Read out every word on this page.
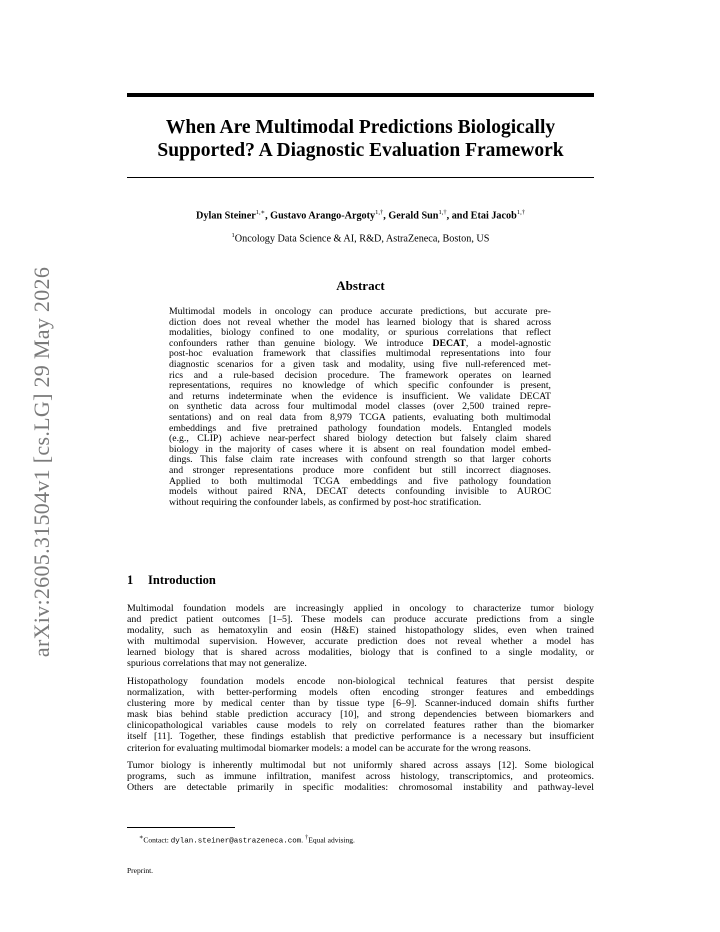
arXiv:2605.31504v1 [cs.LG] 29 May 2026
When Are Multimodal Predictions Biologically
Supported? A Diagnostic Evaluation Framework
Dylan Steiner$^{1,∗}$, Gustavo Arango-Argoty$^{1,\dagger}$, Gerald Sun$^{1,\dagger}$, and Etai Jacob$^{1,\dagger}$
$^1$Oncology Data Science & AI, R&D, AstraZeneca, Boston, US
Abstract
Multimodal models in oncology can produce accurate predictions, but accurate pre-
diction does not reveal whether the model has learned biology that is shared across
modalities, biology confined to one modality, or spurious correlations that reflect
confounders rather than genuine biology. We introduce DECAT, a model-agnostic
post-hoc evaluation framework that classifies multimodal representations into four
diagnostic scenarios for a given task and modality, using five null-referenced met-
rics and a rule-based decision procedure. The framework operates on learned
representations, requires no knowledge of which specific confounder is present,
and returns indeterminate when the evidence is insufficient. We validate DECAT
on synthetic data across four multimodal model classes (over 2,500 trained repre-
sentations) and on real data from 8,979 TCGA patients, evaluating both multimodal
embeddings and five pretrained pathology foundation models. Entangled models
(e.g., CLIP) achieve near-perfect shared biology detection but falsely claim shared
biology in the majority of cases where it is absent on real foundation model embed-
dings. This false claim rate increases with confound strength so that larger cohorts
and stronger representations produce more confident but still incorrect diagnoses.
Applied to both multimodal TCGA embeddings and five pathology foundation
models without paired RNA, DECAT detects confounding invisible to AUROC
without requiring the confounder labels, as confirmed by post-hoc stratification.
1 Introduction
Multimodal foundation models are increasingly applied in oncology to characterize tumor biology
and predict patient outcomes [1–5]. These models can produce accurate predictions from a single
modality, such as hematoxylin and eosin (H&E) stained histopathology slides, even when trained
with multimodal supervision. However, accurate prediction does not reveal whether a model has
learned biology that is shared across modalities, biology that is confined to a single modality, or
spurious correlations that may not generalize.
Histopathology foundation models encode non-biological technical features that persist despite
normalization, with better-performing models often encoding stronger features and embeddings
clustering more by medical center than by tissue type [6–9]. Scanner-induced domain shifts further
mask bias behind stable prediction accuracy [10], and strong dependencies between biomarkers and
clinicopathological variables cause models to rely on correlated features rather than the biomarker
itself [11]. Together, these findings establish that predictive performance is a necessary but insufficient
criterion for evaluating multimodal biomarker models: a model can be accurate for the wrong reasons.
Tumor biology is inherently multimodal but not uniformly shared across assays [12]. Some biological
programs, such as immune infiltration, manifest across histology, transcriptomics, and proteomics.
Others are detectable primarily in specific modalities: chromosomal instability and pathway-level
∗Contact: dylan.steiner@astrazeneca.com. †Equal advising.
Preprint.
